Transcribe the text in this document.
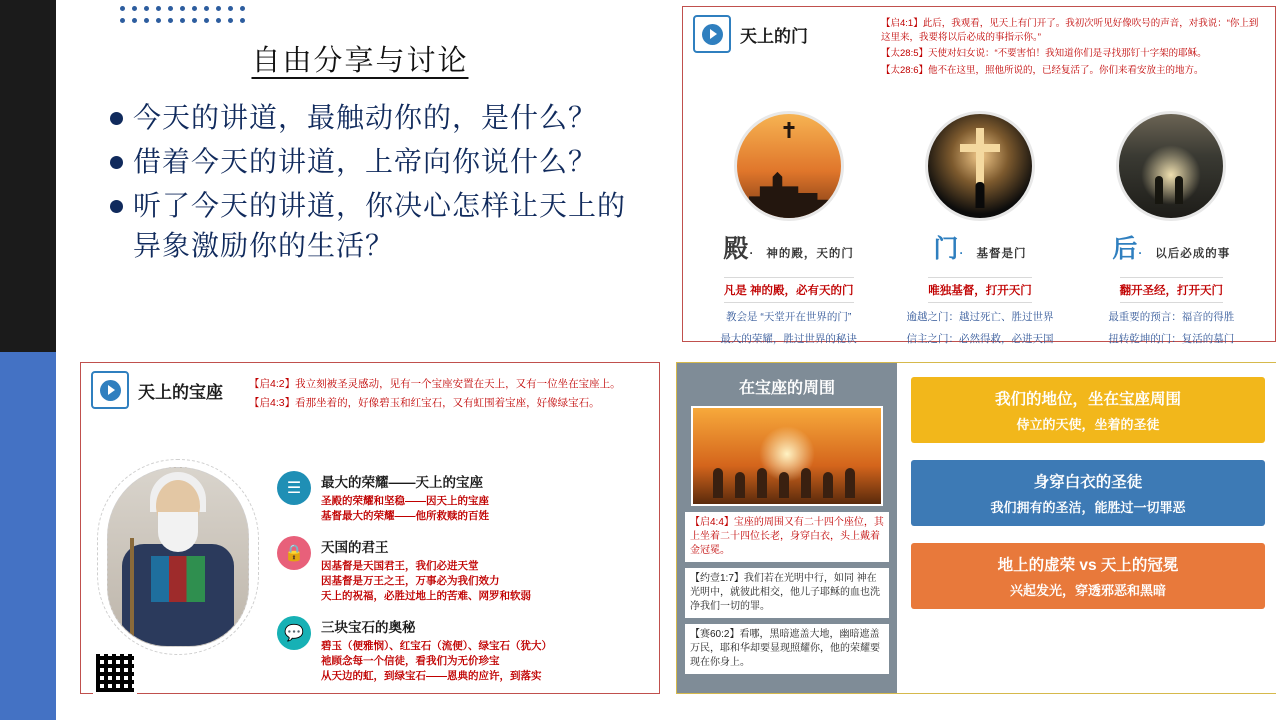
自由分享与讨论
今天的讲道，最触动你的，是什么？
借着今天的讲道，上帝向你说什么？
听了今天的讲道，你决心怎样让天上的异象激励你的生活？
天上的门

【启4:1】此后，我观看，见天上有门开了。我初次听见好像吹号的声音，对我说：“你上到这里来，我要将以后必成的事指示你。”

【太28:5】天使对妇女说：“不要害怕！我知道你们是寻找那钉十字架的耶稣。

【太28:6】他不在这里，照他所说的，已经复活了。你们来看安放主的地方。

殿· 神的殿，天的门
凡是 神的殿，必有天的门
教会是 “天堂开在世界的门”
最大的荣耀，胜过世界的秘诀
门· 基督是门
唯独基督，打开天门
逾越之门：越过死亡、胜过世界
信主之门：必然得救，必进天国
后· 以后必成的事
翻开圣经，打开天门
最重要的预言：福音的得胜
扭转乾坤的门：复活的墓门
天上的宝座 【启4:2】我立刻被圣灵感动，见有一个宝座安置在天上，又有一位坐在宝座上。

【启4:3】看那坐着的，好像碧玉和红宝石，又有虹围着宝座，好像绿宝石。

☰	最大的荣耀——天上的宝座
圣殿的荣耀和坚稳——因天上的宝座
基督最大的荣耀——他所救赎的百姓
🔒	天国的君王
因基督是天国君王，我们必进天堂
因基督是万王之王，万事必为我们效力
天上的祝福，必胜过地上的苦难、网罗和软弱
💬	三块宝石的奥秘
碧玉（便雅悯）、红宝石（流便）、绿宝石（犹大）
祂顾念每一个信徒，看我们为无价珍宝
从天边的虹，到绿宝石——恩典的应许，到落实
在宝座的周围
【启4:4】宝座的周围又有二十四个座位，其上坐着二十四位长老，身穿白衣，头上戴着金冠冕。
【约壹1:7】我们若在光明中行，如同 神在光明中，就彼此相交，他儿子耶稣的血也洗净我们一切的罪。
【赛60:2】看哪，黑暗遮盖大地，幽暗遮盖万民，耶和华却要显现照耀你，他的荣耀要现在你身上。
我们的地位，坐在宝座周围
侍立的天使，坐着的圣徒
身穿白衣的圣徒
我们拥有的圣洁，能胜过一切罪恶
地上的虚荣 vs 天上的冠冕
兴起发光，穿透邪恶和黑暗
